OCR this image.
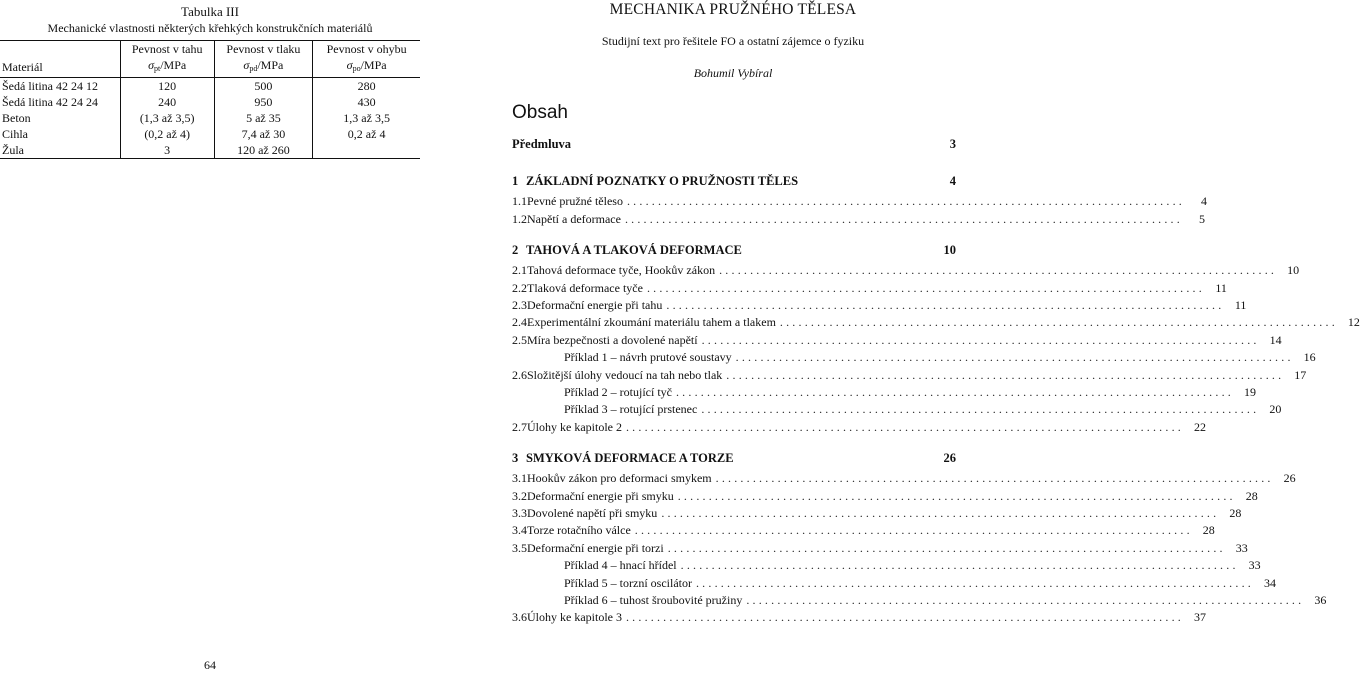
Tabulka III
Mechanické vlastnosti některých křehkých konstrukčních materiálů
	Pevnost v tahu	Pevnost v tlaku	Pevnost v ohybu
Materiál	$\sigma_{pt}$/MPa	$\sigma_{pd}$/MPa	$\sigma_{po}$/MPa
Šedá litina 42 24 12	120	500	280
Šedá litina 42 24 24	240	950	430
Beton	(1,3 až 3,5)	5 až 35	1,3 až 3,5
Cihla	(0,2 až 4)	7,4 až 30	0,2 až 4
Žula	3	120 až 260	
64
MECHANIKA PRUŽNÉHO TĚLESA
Studijní text pro řešitele FO a ostatní zájemce o fyziku
Bohumil Vybíral
Obsah
Předmluva	3
1 ZÁKLADNÍ POZNATKY O PRUŽNOSTI TĚLES	4
1.1 Pevné pružné těleso ..........................................................................................	4
1.2 Napětí a deformace ..........................................................................................	5
2 TAHOVÁ A TLAKOVÁ DEFORMACE	10
2.1 Tahová deformace tyče, Hookův zákon .......................................................................................... 10
2.2 Tlaková deformace tyče .......................................................................................... 11
2.3 Deformační energie při tahu .......................................................................................... 11
2.4 Experimentální zkoumání materiálu tahem a tlakem .......................................................................................... 12
2.5 Míra bezpečnosti a dovolené napětí .......................................................................................... 14
Příklad 1 – návrh prutové soustavy .......................................................................................... 16
2.6 Složitější úlohy vedoucí na tah nebo tlak .......................................................................................... 17
Příklad 2 – rotující tyč .......................................................................................... 19
Příklad 3 – rotující prstenec .......................................................................................... 20
2.7 Úlohy ke kapitole 2 .......................................................................................... 22
3 SMYKOVÁ DEFORMACE A TORZE	26
3.1 Hookův zákon pro deformaci smykem .......................................................................................... 26
3.2 Deformační energie při smyku .......................................................................................... 28
3.3 Dovolené napětí při smyku .......................................................................................... 28
3.4 Torze rotačního válce .......................................................................................... 28
3.5 Deformační energie při torzi .......................................................................................... 33
Příklad 4 – hnací hřídel .......................................................................................... 33
Příklad 5 – torzní oscilátor .......................................................................................... 34
Příklad 6 – tuhost šroubovité pružiny .......................................................................................... 36
3.6 Úlohy ke kapitole 3 .......................................................................................... 37
